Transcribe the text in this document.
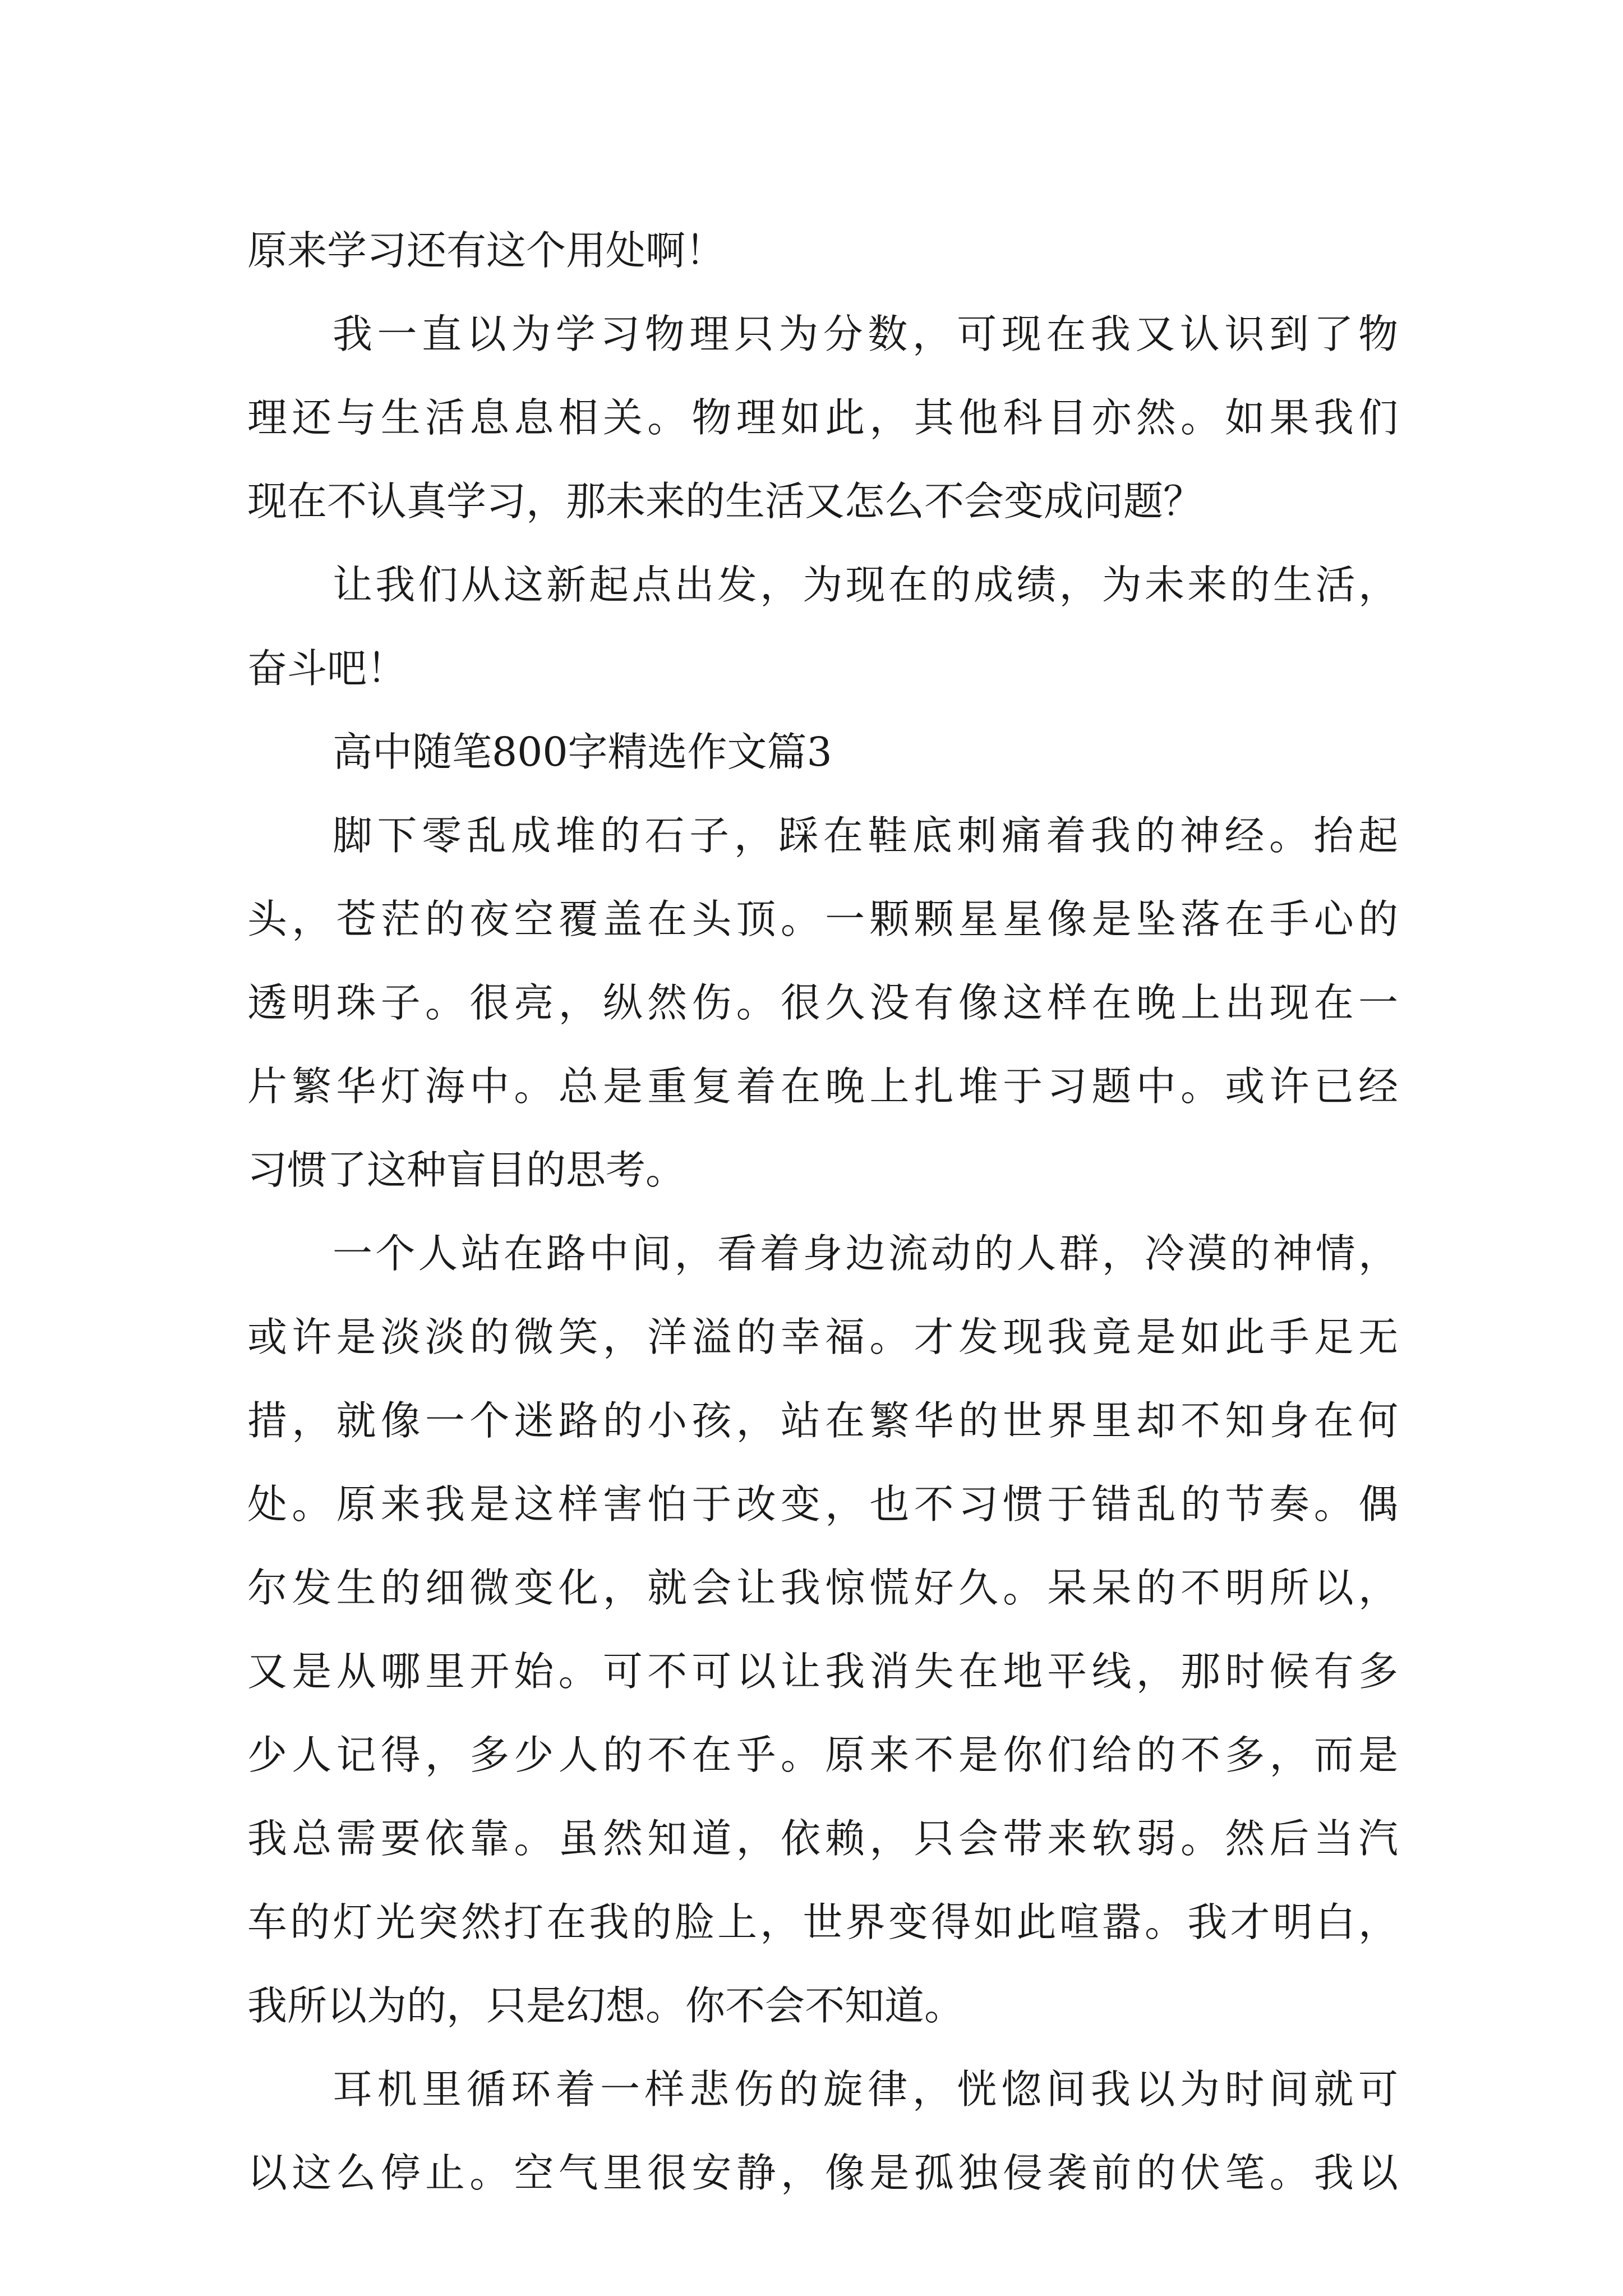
原来学习还有这个用处啊！
我一直以为学习物理只为分数，可现在我又认识到了物
理还与生活息息相关。物理如此，其他科目亦然。如果我们
现在不认真学习，那未来的生活又怎么不会变成问题？
让我们从这新起点出发，为现在的成绩，为未来的生活，
奋斗吧！
高中随笔800字精选作文篇3
脚下零乱成堆的石子，踩在鞋底刺痛着我的神经。抬起
头，苍茫的夜空覆盖在头顶。一颗颗星星像是坠落在手心的
透明珠子。很亮，纵然伤。很久没有像这样在晚上出现在一
片繁华灯海中。总是重复着在晚上扎堆于习题中。或许已经
习惯了这种盲目的思考。
一个人站在路中间，看着身边流动的人群，冷漠的神情，
或许是淡淡的微笑，洋溢的幸福。才发现我竟是如此手足无
措，就像一个迷路的小孩，站在繁华的世界里却不知身在何
处。原来我是这样害怕于改变，也不习惯于错乱的节奏。偶
尔发生的细微变化，就会让我惊慌好久。呆呆的不明所以，
又是从哪里开始。可不可以让我消失在地平线，那时候有多
少人记得，多少人的不在乎。原来不是你们给的不多，而是
我总需要依靠。虽然知道，依赖，只会带来软弱。然后当汽
车的灯光突然打在我的脸上，世界变得如此喧嚣。我才明白，
我所以为的，只是幻想。你不会不知道。
耳机里循环着一样悲伤的旋律，恍惚间我以为时间就可
以这么停止。空气里很安静，像是孤独侵袭前的伏笔。我以
